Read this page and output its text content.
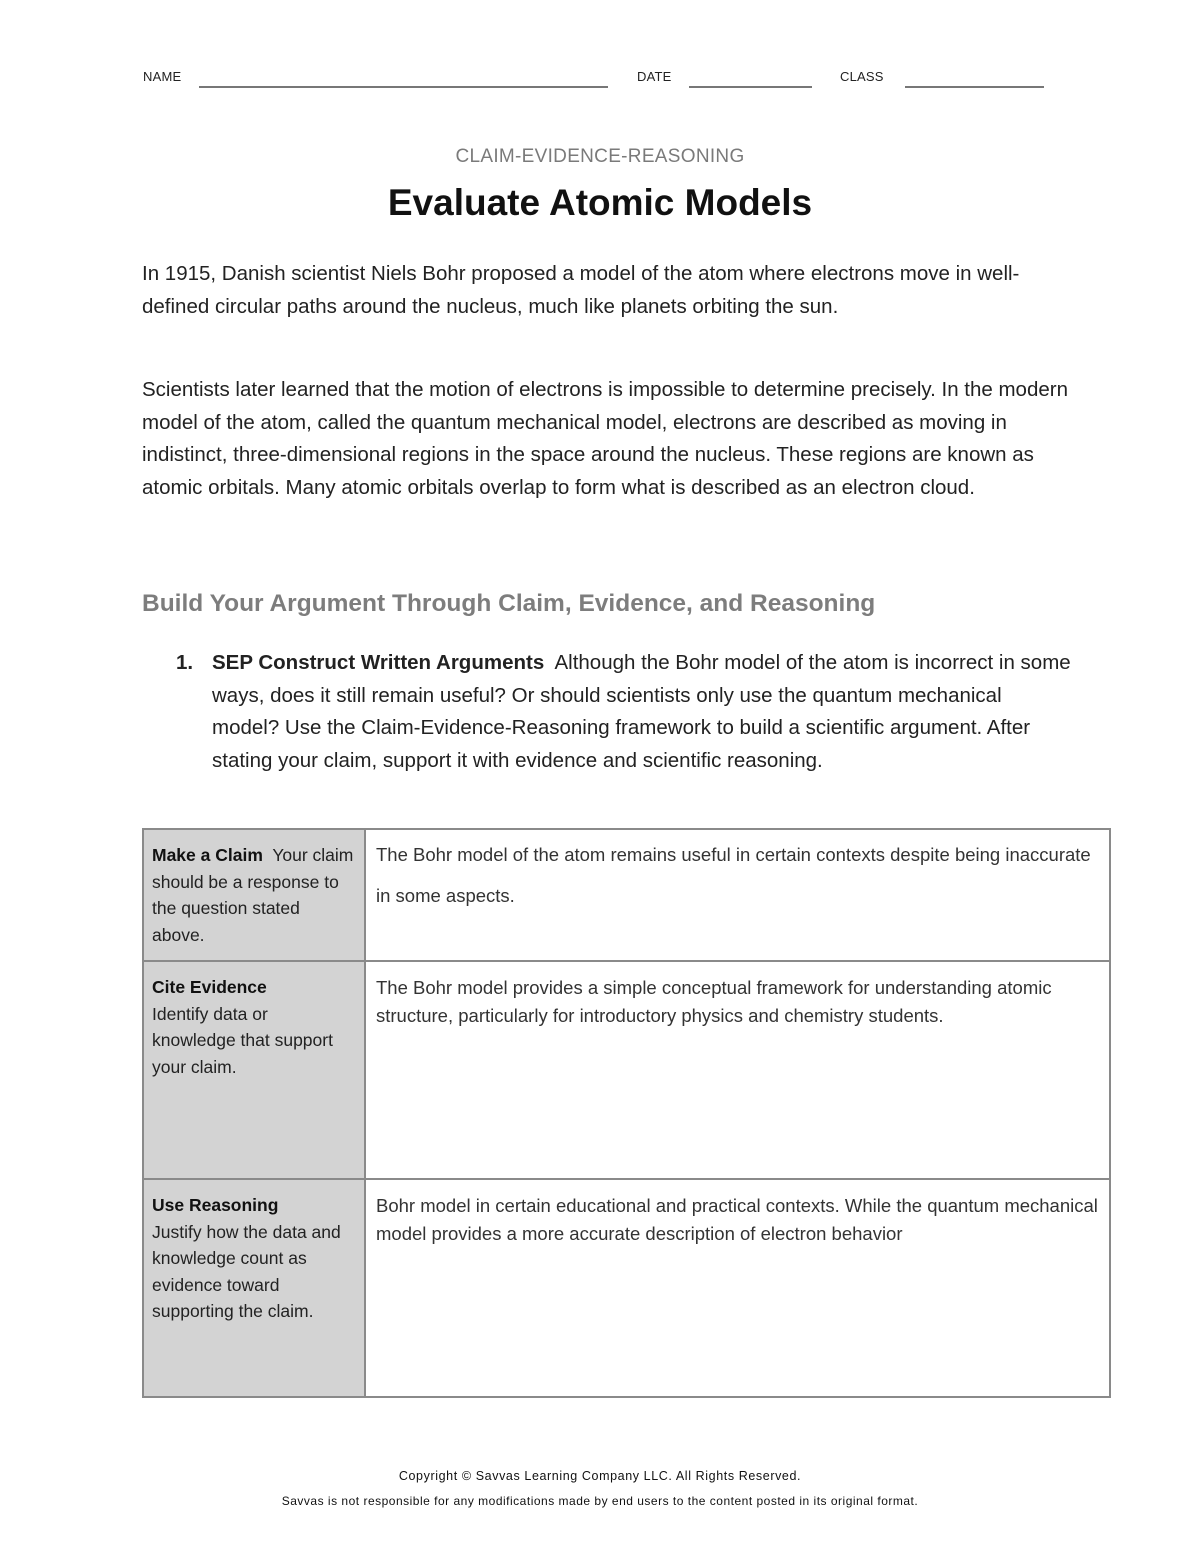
NAME	DATE	CLASS
CLAIM-EVIDENCE-REASONING
Evaluate Atomic Models

In 1915, Danish scientist Niels Bohr proposed a model of the atom where electrons move in well-defined circular paths around the nucleus, much like planets orbiting the sun.

Scientists later learned that the motion of electrons is impossible to determine precisely. In the modern model of the atom, called the quantum mechanical model, electrons are described as moving in indistinct, three-dimensional regions in the space around the nucleus. These regions are known as atomic orbitals. Many atomic orbitals overlap to form what is described as an electron cloud.

Build Your Argument Through Claim, Evidence, and Reasoning
1. SEP Construct Written Arguments Although the Bohr model of the atom is incorrect in some ways, does it still remain useful? Or should scientists only use the quantum mechanical model? Use the Claim-Evidence-Reasoning framework to build a scientific argument. After stating your claim, support it with evidence and scientific reasoning.
Make a Claim Your claim should be a response to the question stated above.	The Bohr model of the atom remains useful in certain contexts despite being inaccurate in some aspects.

Cite Evidence
Identify data or knowledge that support your claim.	The Bohr model provides a simple conceptual framework for understanding atomic structure, particularly for introductory physics and chemistry students.

Use Reasoning
Justify how the data and knowledge count as evidence toward supporting the claim.	Bohr model in certain educational and practical contexts. While the quantum mechanical model provides a more accurate description of electron behavior
Copyright © Savvas Learning Company LLC. All Rights Reserved.
Savvas is not responsible for any modifications made by end users to the content posted in its original format.
